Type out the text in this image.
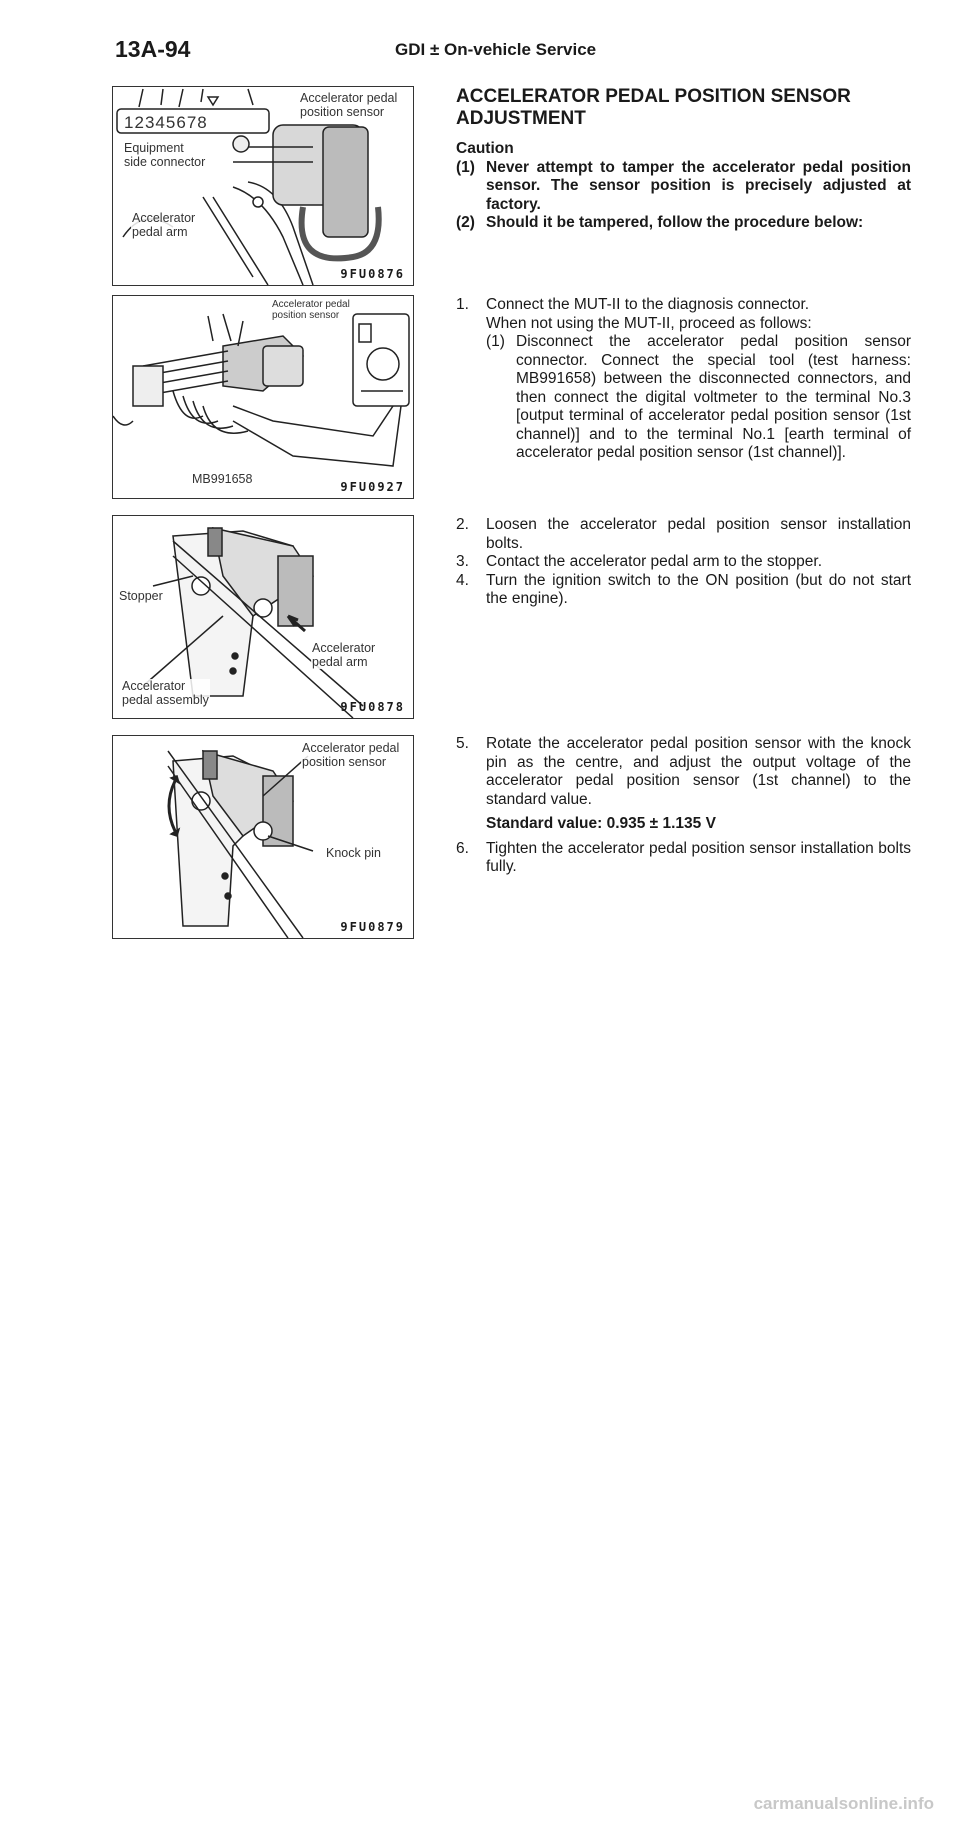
13A-94	GDI ± On-vehicle Service
12345678
Accelerator pedal
position sensor
Equipment
side connector
Accelerator
pedal arm
9FU0876
Accelerator pedal
position sensor
MB991658
9FU0927
Stopper
Accelerator
pedal arm
Accelerator
pedal assembly	9FU0878
Accelerator pedal
position sensor
Knock pin
9FU0879
ACCELERATOR PEDAL POSITION SENSOR ADJUSTMENT
Caution
(1) Never attempt to tamper the accelerator pedal position sensor. The sensor position is precisely adjusted at factory.
(2) Should it be tampered, follow the procedure below:
1. Connect the MUT-II to the diagnosis connector.
When not using the MUT-II, proceed as follows:
(1) Disconnect the accelerator pedal position sensor connector. Connect the special tool (test harness: MB991658) between the disconnected connectors, and then connect the digital voltmeter to the terminal No.3 [output terminal of accelerator pedal position sensor (1st channel)] and to the terminal No.1 [earth terminal of accelerator pedal position sensor (1st channel)].
2. Loosen the accelerator pedal position sensor installation bolts.
3. Contact the accelerator pedal arm to the stopper.
4. Turn the ignition switch to the ON position (but do not start the engine).
5. Rotate the accelerator pedal position sensor with the knock pin as the centre, and adjust the output voltage of the accelerator pedal position sensor (1st channel) to the standard value.
Standard value: 0.935 ± 1.135 V
6. Tighten the accelerator pedal position sensor installation bolts fully.
carmanualsonline.info
